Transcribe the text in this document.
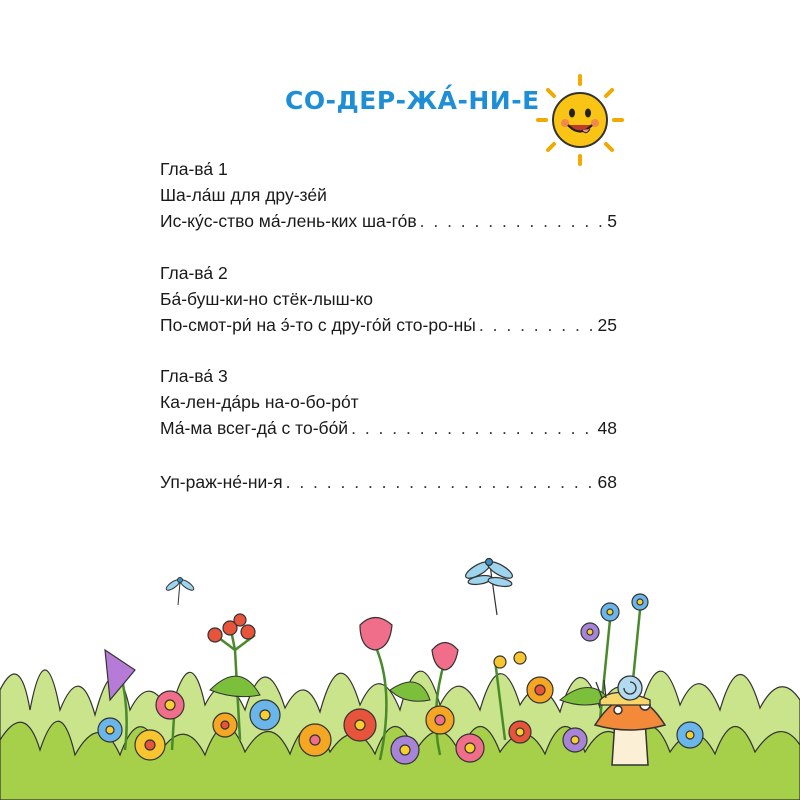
СО-ДЕР-ЖА́-НИ-Е
Гла-ва́ 1
Ша-ла́ш для дру-зе́й
Ис-ку́с-ство ма́-лень-ких ша-го́в . . .	5
Гла-ва́ 2
Ба́-буш-ки-но стёк-лыш-ко
По-смот-ри́ на э́-то с дру-го́й сто-ро-ны́ . . .	25
Гла-ва́ 3
Ка-лен-да́рь на-о-бо-ро́т
Ма́-ма всег-да́ с то-бо́й . . .	48
Уп-раж-не́-ни-я . . .	68
